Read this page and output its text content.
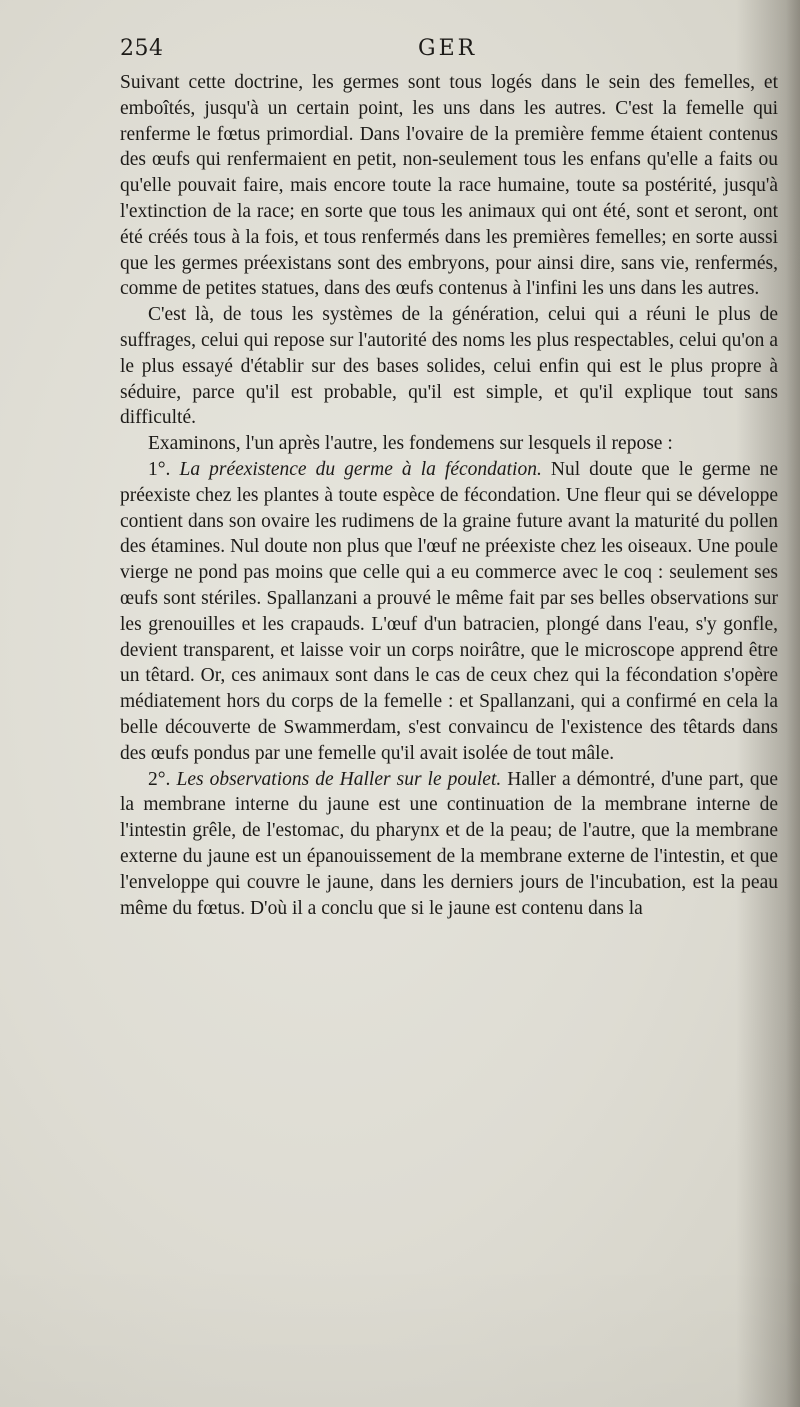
254	GER

Suivant cette doctrine, les germes sont tous logés dans le sein des femelles, et emboîtés, jusqu'à un certain point, les uns dans les autres. C'est la femelle qui renferme le fœtus primordial. Dans l'ovaire de la première femme étaient contenus des œufs qui renfermaient en petit, non-seulement tous les enfans qu'elle a faits ou qu'elle pouvait faire, mais encore toute la race humaine, toute sa postérité, jusqu'à l'extinction de la race; en sorte que tous les animaux qui ont été, sont et seront, ont été créés tous à la fois, et tous renfermés dans les premières femelles; en sorte aussi que les germes préexistans sont des embryons, pour ainsi dire, sans vie, renfermés, comme de petites statues, dans des œufs contenus à l'infini les uns dans les autres.

C'est là, de tous les systèmes de la génération, celui qui a réuni le plus de suffrages, celui qui repose sur l'autorité des noms les plus respectables, celui qu'on a le plus essayé d'établir sur des bases solides, celui enfin qui est le plus propre à séduire, parce qu'il est probable, qu'il est simple, et qu'il explique tout sans difficulté.

Examinons, l'un après l'autre, les fondemens sur lesquels il repose :

1°. La préexistence du germe à la fécondation. Nul doute que le germe ne préexiste chez les plantes à toute espèce de fécondation. Une fleur qui se développe contient dans son ovaire les rudimens de la graine future avant la maturité du pollen des étamines. Nul doute non plus que l'œuf ne préexiste chez les oiseaux. Une poule vierge ne pond pas moins que celle qui a eu commerce avec le coq : seulement ses œufs sont stériles. Spallanzani a prouvé le même fait par ses belles observations sur les grenouilles et les crapauds. L'œuf d'un batracien, plongé dans l'eau, s'y gonfle, devient transparent, et laisse voir un corps noirâtre, que le microscope apprend être un têtard. Or, ces animaux sont dans le cas de ceux chez qui la fécondation s'opère médiatement hors du corps de la femelle : et Spallanzani, qui a confirmé en cela la belle découverte de Swammerdam, s'est convaincu de l'existence des têtards dans des œufs pondus par une femelle qu'il avait isolée de tout mâle.

2°. Les observations de Haller sur le poulet. Haller a démontré, d'une part, que la membrane interne du jaune est une continuation de la membrane interne de l'intestin grêle, de l'estomac, du pharynx et de la peau; de l'autre, que la membrane externe du jaune est un épanouissement de la membrane externe de l'intestin, et que l'enveloppe qui couvre le jaune, dans les derniers jours de l'incubation, est la peau même du fœtus. D'où il a conclu que si le jaune est contenu dans la
